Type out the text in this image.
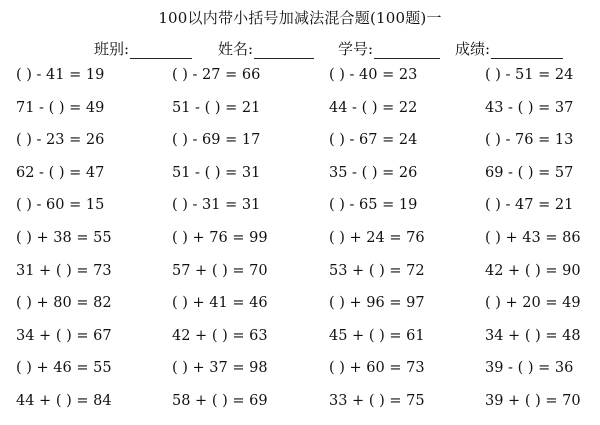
100以内带小括号加减法混合题(100题)一
班别:	姓名:	学号:	成绩:
( ) - 41 = 19	( ) - 27 = 66	( ) - 40 = 23	( ) - 51 = 24
71 - ( ) = 49	51 - ( ) = 21	44 - ( ) = 22	43 - ( ) = 37
( ) - 23 = 26	( ) - 69 = 17	( ) - 67 = 24	( ) - 76 = 13
62 - ( ) = 47	51 - ( ) = 31	35 - ( ) = 26	69 - ( ) = 57
( ) - 60 = 15	( ) - 31 = 31	( ) - 65 = 19	( ) - 47 = 21
( ) + 38 = 55	( ) + 76 = 99	( ) + 24 = 76	( ) + 43 = 86
31 + ( ) = 73	57 + ( ) = 70	53 + ( ) = 72	42 + ( ) = 90
( ) + 80 = 82	( ) + 41 = 46	( ) + 96 = 97	( ) + 20 = 49
34 + ( ) = 67	42 + ( ) = 63	45 + ( ) = 61	34 + ( ) = 48
( ) + 46 = 55	( ) + 37 = 98	( ) + 60 = 73	39 - ( ) = 36
44 + ( ) = 84	58 + ( ) = 69	33 + ( ) = 75	39 + ( ) = 70
